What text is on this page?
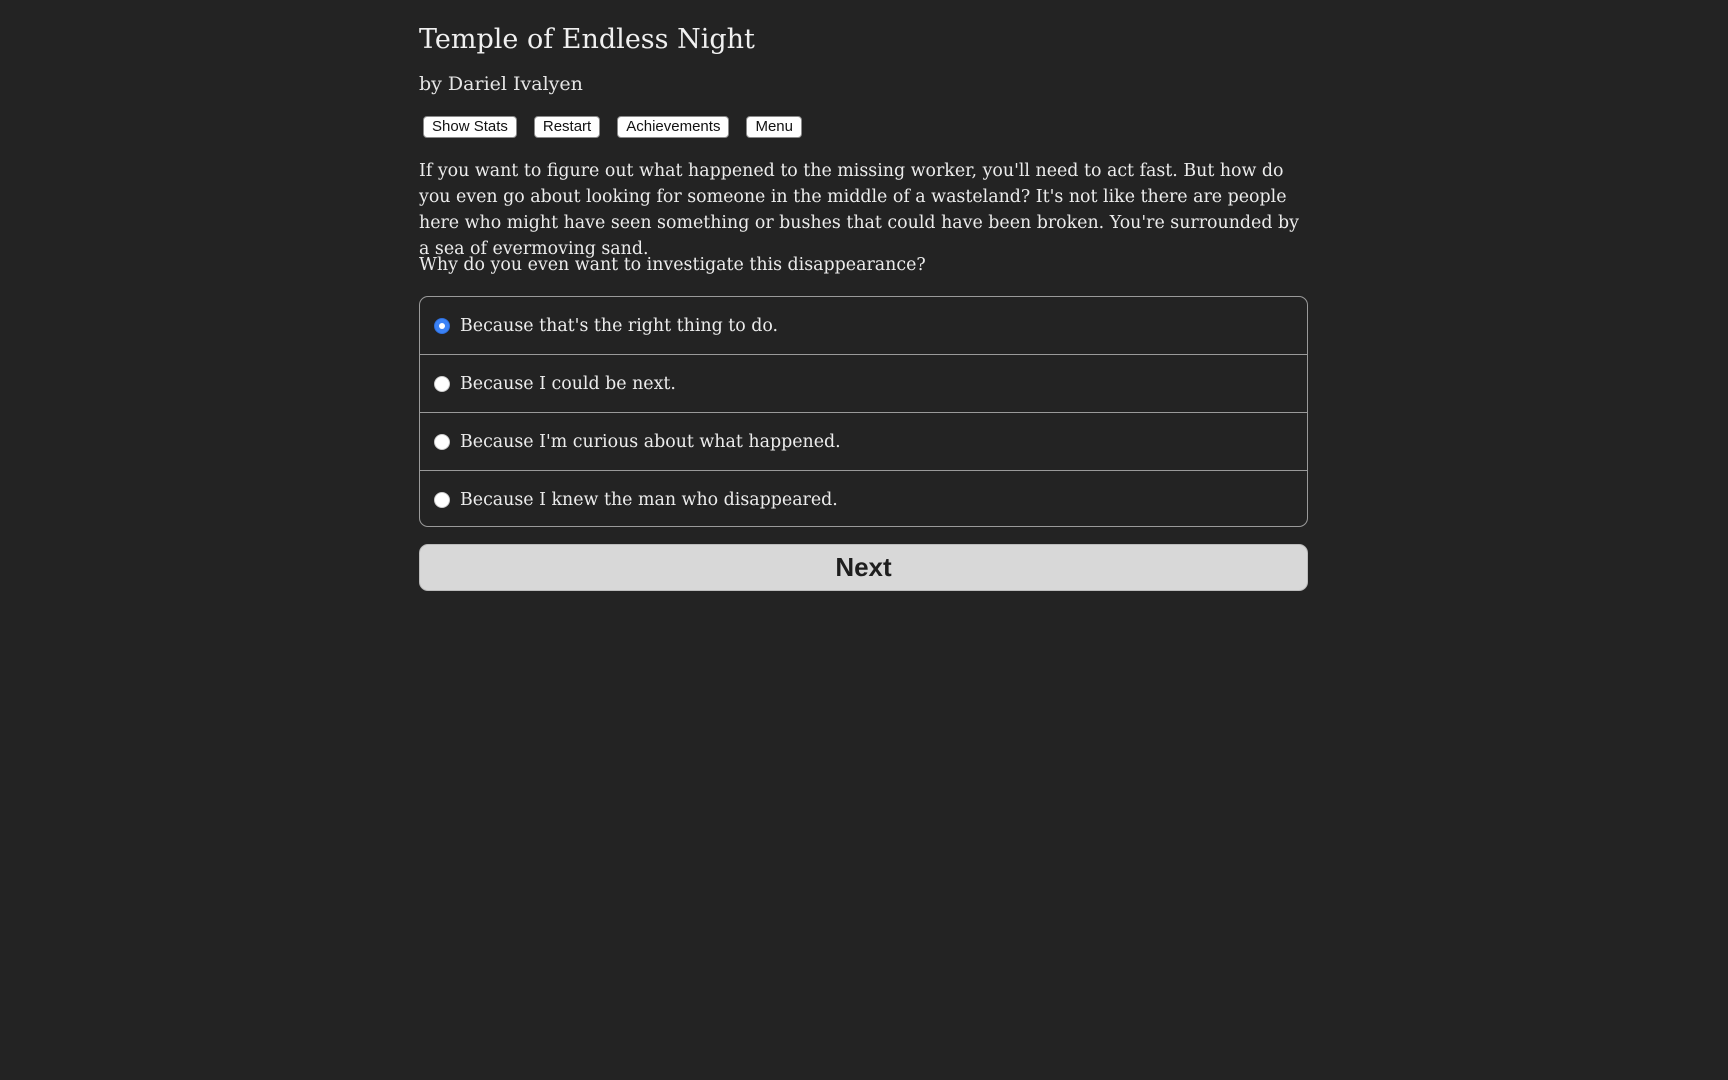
Temple of Endless Night
by Dariel Ivalyen
Show Stats	Restart	Achievements	Menu

If you want to figure out what happened to the missing worker, you'll need to act fast. But how do you even go about looking for someone in the middle of a wasteland? It's not like there are people here who might have seen something or bushes that could have been broken. You're surrounded by a sea of evermoving sand.

Why do you even want to investigate this disappearance?

Because that's the right thing to do.
Because I could be next.
Because I'm curious about what happened.
Because I knew the man who disappeared.
Next
